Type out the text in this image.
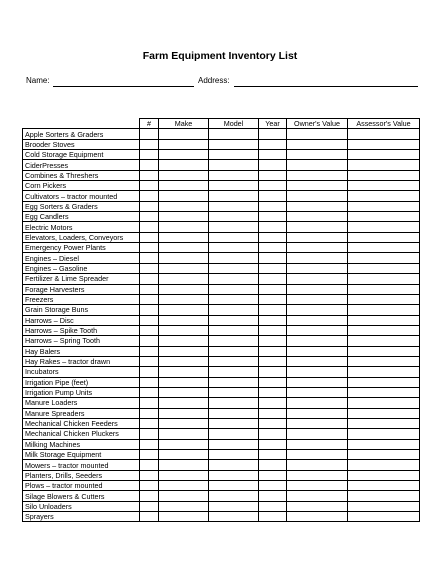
Farm Equipment Inventory List
Name:	Address:
	#	Make	Model	Year	Owner's Value	Assessor's Value
Apple Sorters & Graders						
Brooder Stoves						
Cold Storage Equipment						
CiderPresses						
Combines & Threshers						
Corn Pickers						
Cultivators – tractor mounted						
Egg Sorters & Graders						
Egg Candlers						
Electric Motors						
Elevators, Loaders, Conveyors						
Emergency Power Plants						
Engines – Diesel						
Engines – Gasoline						
Fertilizer & Lime Spreader						
Forage Harvesters						
Freezers						
Grain Storage Buns						
Harrows – Disc						
Harrows – Spike Tooth						
Harrows – Spring Tooth						
Hay Balers						
Hay Rakes – tractor drawn						
Incubators						
Irrigation Pipe (feet)						
Irrigation Pump Units						
Manure Loaders						
Manure Spreaders						
Mechanical Chicken Feeders						
Mechanical Chicken Pluckers						
Milking Machines						
Milk Storage Equipment						
Mowers – tractor mounted						
Planters, Drills, Seeders						
Plows – tractor mounted						
Silage Blowers & Cutters						
Silo Unloaders						
Sprayers						
